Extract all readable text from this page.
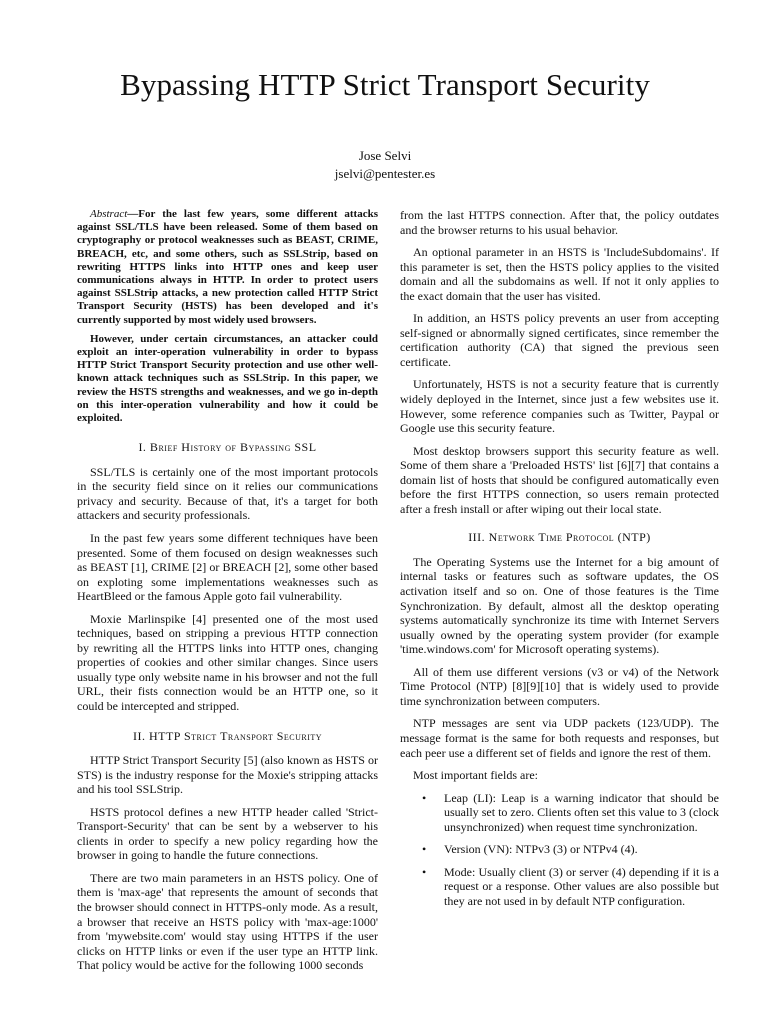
Bypassing HTTP Strict Transport Security
Jose Selvi
jselvi@pentester.es

Abstract—For the last few years, some different attacks against SSL/TLS have been released. Some of them based on cryptography or protocol weaknesses such as BEAST, CRIME, BREACH, etc, and some others, such as SSLStrip, based on rewriting HTTPS links into HTTP ones and keep user communications always in HTTP. In order to protect users against SSLStrip attacks, a new protection called HTTP Strict Transport Security (HSTS) has been developed and it's currently supported by most widely used browsers.

However, under certain circumstances, an attacker could exploit an inter-operation vulnerability in order to bypass HTTP Strict Transport Security protection and use other well-known attack techniques such as SSLStrip. In this paper, we review the HSTS strengths and weaknesses, and we go in-depth on this inter-operation vulnerability and how it could be exploited.

I. Brief History of Bypassing SSL

SSL/TLS is certainly one of the most important protocols in the security field since on it relies our communications privacy and security. Because of that, it's a target for both attackers and security professionals.

In the past few years some different techniques have been presented. Some of them focused on design weaknesses such as BEAST [1], CRIME [2] or BREACH [2], some other based on exploting some implementations weaknesses such as HeartBleed or the famous Apple goto fail vulnerability.

Moxie Marlinspike [4] presented one of the most used techniques, based on stripping a previous HTTP connection by rewriting all the HTTPS links into HTTP ones, changing properties of cookies and other similar changes. Since users usually type only website name in his browser and not the full URL, their fists connection would be an HTTP one, so it could be intercepted and stripped.

II. HTTP Strict Transport Security

HTTP Strict Transport Security [5] (also known as HSTS or STS) is the industry response for the Moxie's stripping attacks and his tool SSLStrip.

HSTS protocol defines a new HTTP header called 'Strict-Transport-Security' that can be sent by a webserver to his clients in order to specify a new policy regarding how the browser in going to handle the future connections.

There are two main parameters in an HSTS policy. One of them is 'max-age' that represents the amount of seconds that the browser should connect in HTTPS-only mode. As a result, a browser that receive an HSTS policy with 'max-age:1000' from 'mywebsite.com' would stay using HTTPS if the user clicks on HTTP links or even if the user type an HTTP link. That policy would be active for the following 1000 seconds

from the last HTTPS connection. After that, the policy outdates and the browser returns to his usual behavior.

An optional parameter in an HSTS is 'IncludeSubdomains'. If this parameter is set, then the HSTS policy applies to the visited domain and all the subdomains as well. If not it only applies to the exact domain that the user has visited.

In addition, an HSTS policy prevents an user from accepting self-signed or abnormally signed certificates, since remember the certification authority (CA) that signed the previous seen certificate.

Unfortunately, HSTS is not a security feature that is currently widely deployed in the Internet, since just a few websites use it. However, some reference companies such as Twitter, Paypal or Google use this security feature.

Most desktop browsers support this security feature as well. Some of them share a 'Preloaded HSTS' list [6][7] that contains a domain list of hosts that should be configured automatically even before the first HTTPS connection, so users remain protected after a fresh install or after wiping out their local state.

III. Network Time Protocol (NTP)

The Operating Systems use the Internet for a big amount of internal tasks or features such as software updates, the OS activation itself and so on. One of those features is the Time Synchronization. By default, almost all the desktop operating systems automatically synchronize its time with Internet Servers usually owned by the operating system provider (for example 'time.windows.com' for Microsoft operating systems).

All of them use different versions (v3 or v4) of the Network Time Protocol (NTP) [8][9][10] that is widely used to provide time synchronization between computers.

NTP messages are sent via UDP packets (123/UDP). The message format is the same for both requests and responses, but each peer use a different set of fields and ignore the rest of them.

Most important fields are:

• Leap (LI): Leap is a warning indicator that should be usually set to zero. Clients often set this value to 3 (clock unsynchronized) when request time synchronization.
• Version (VN): NTPv3 (3) or NTPv4 (4).
• Mode: Usually client (3) or server (4) depending if it is a request or a response. Other values are also possible but they are not used in by default NTP configuration.
